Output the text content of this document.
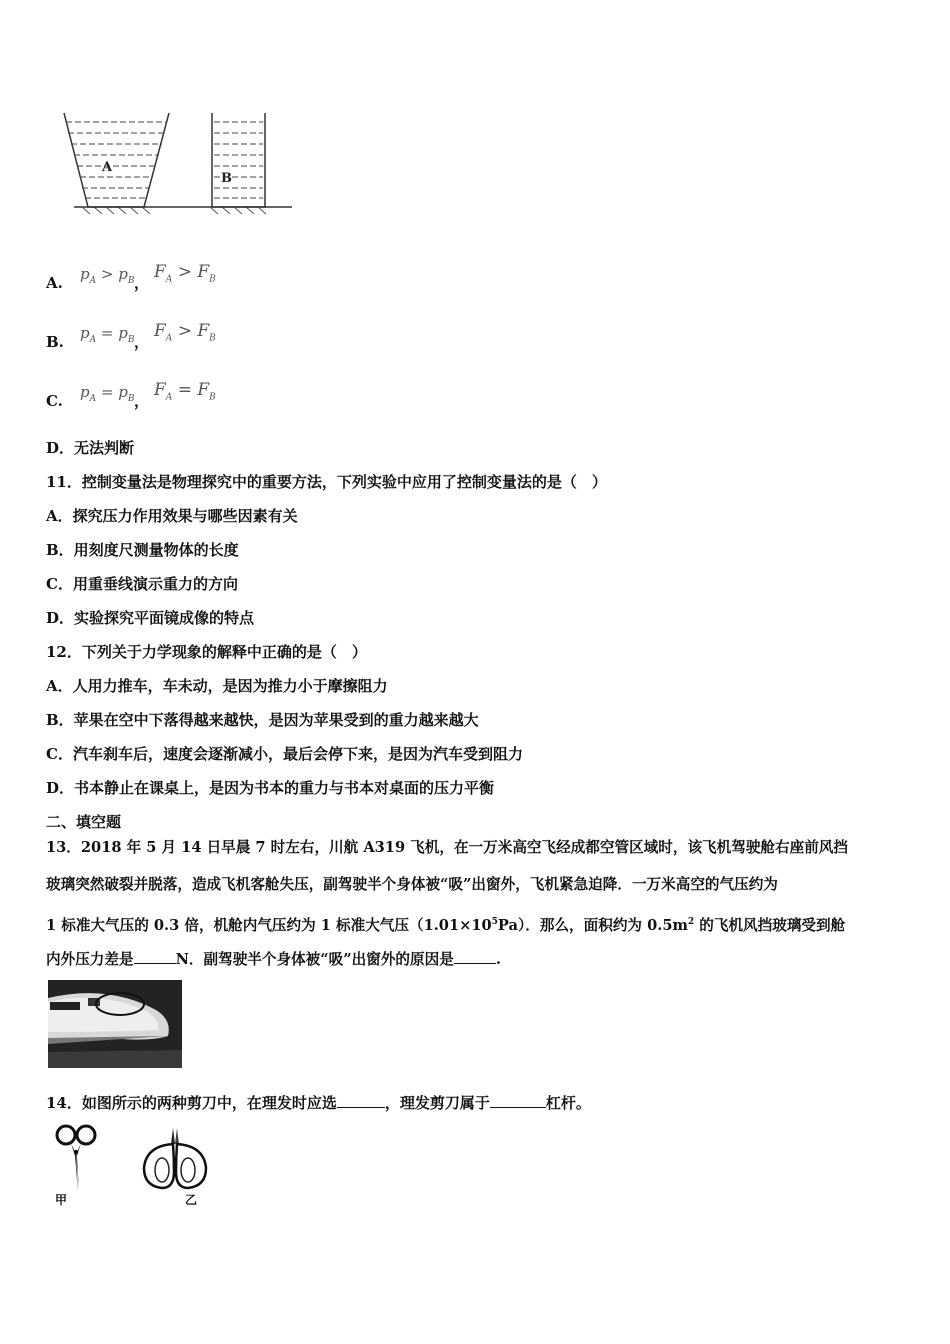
A
B
A. $p_A > p_B$ ，
$F_A > F_B$
B. $p_A = p_B$ ，
$F_A > F_B$
C. $p_A = p_B$ ，
$F_A = F_B$
D．无法判断
11．控制变量法是物理探究中的重要方法，下列实验中应用了控制变量法的是（　）
A．探究压力作用效果与哪些因素有关
B．用刻度尺测量物体的长度
C．用重垂线演示重力的方向
D．实验探究平面镜成像的特点
12．下列关于力学现象的解释中正确的是（　）
A．人用力推车，车未动，是因为推力小于摩擦阻力
B．苹果在空中下落得越来越快，是因为苹果受到的重力越来越大
C．汽车刹车后，速度会逐渐减小，最后会停下来，是因为汽车受到阻力
D．书本静止在课桌上，是因为书本的重力与书本对桌面的压力平衡
二、填空题
13．2018 年 5 月 14 日早晨 7 时左右，川航 A319 飞机，在一万米高空飞经成都空管区域时，该飞机驾驶舱右座前风挡
玻璃突然破裂并脱落，造成飞机客舱失压，副驾驶半个身体被“吸”出窗外，飞机紧急迫降．一万米高空的气压约为
1 标准大气压的 0.3 倍，机舱内气压约为 1 标准大气压$(1.01\times 10^5Pa)$．那么，面积约为 $0.5m^2$ 的飞机风挡玻璃受到舱
内外压力差是	N．副驾驶半个身体被“吸”出窗外的原因是	.
14．如图所示的两种剪刀中，在理发时应选	，理发剪刀属于	杠杆。
甲	乙
